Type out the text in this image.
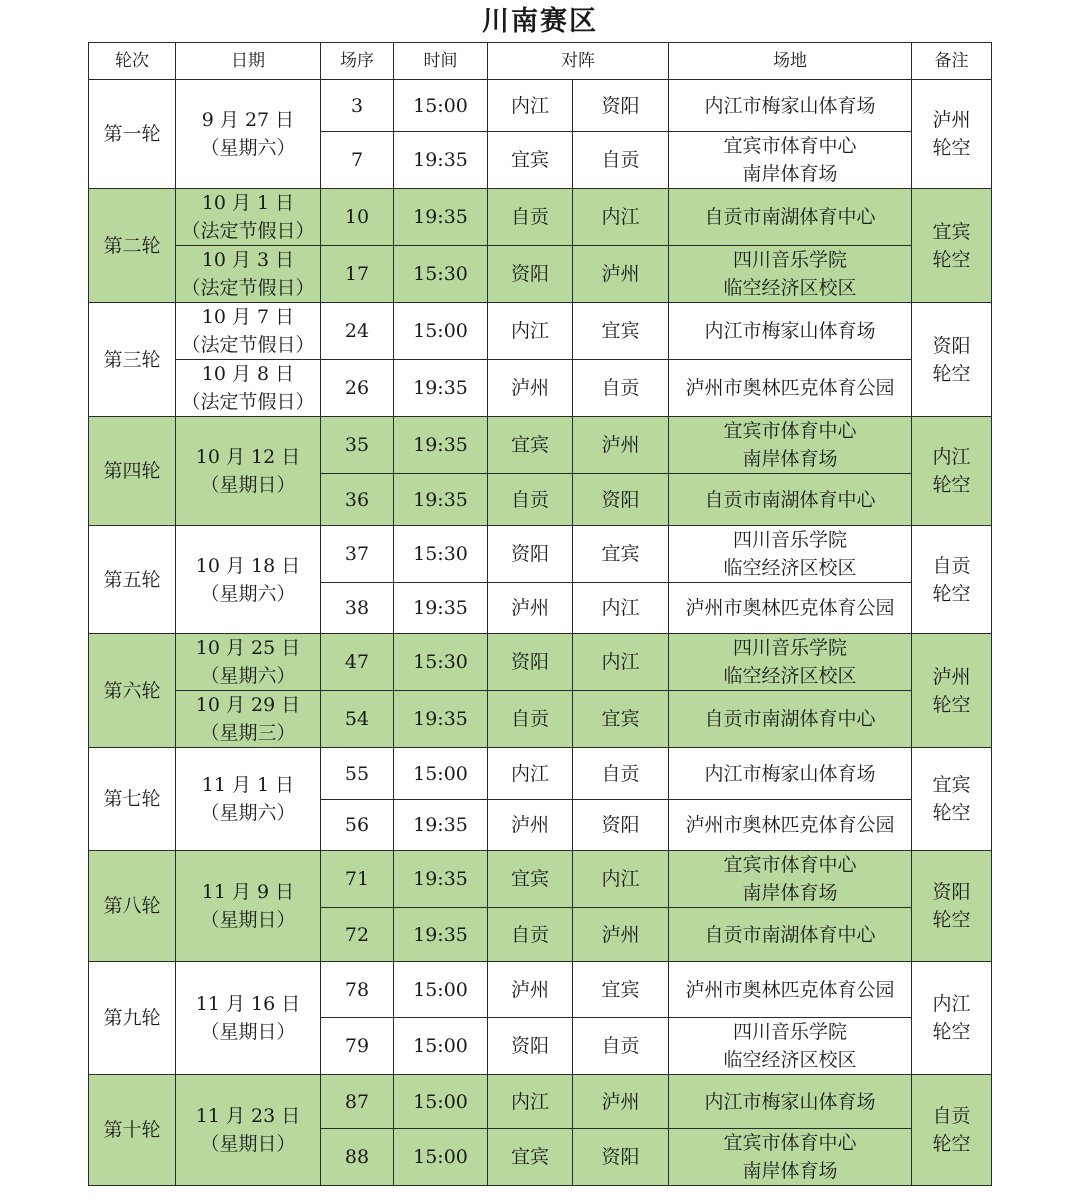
川南赛区
轮次	日期	场序	时间	对阵		场地	备注

第一轮	9 月 27 日
（星期六）	3	15:00	内江	资阳	内江市梅家山体育场	泸州
轮空

		7	19:35	宜宾	自贡	宜宾市体育中心
南岸体育场	

第二轮	10 月 1 日
（法定节假日）	10	19:35	自贡	内江	自贡市南湖体育中心	宜宾
轮空

	10 月 3 日
（法定节假日）	17	15:30	资阳	泸州	四川音乐学院
临空经济区校区	

第三轮	10 月 7 日
（法定节假日）	24	15:00	内江	宜宾	内江市梅家山体育场	资阳
轮空

	10 月 8 日
（法定节假日）	26	19:35	泸州	自贡	泸州市奥林匹克体育公园	

第四轮	10 月 12 日
（星期日）	35	19:35	宜宾	泸州	宜宾市体育中心
南岸体育场	内江
轮空

		36	19:35	自贡	资阳	自贡市南湖体育中心	

第五轮	10 月 18 日
（星期六）	37	15:30	资阳	宜宾	四川音乐学院
临空经济区校区	自贡
轮空

		38	19:35	泸州	内江	泸州市奥林匹克体育公园	

第六轮	10 月 25 日
（星期六）	47	15:30	资阳	内江	四川音乐学院
临空经济区校区	泸州
轮空

	10 月 29 日
（星期三）	54	19:35	自贡	宜宾	自贡市南湖体育中心	

第七轮	11 月 1 日
（星期六）	55	15:00	内江	自贡	内江市梅家山体育场	宜宾
轮空

		56	19:35	泸州	资阳	泸州市奥林匹克体育公园	

第八轮	11 月 9 日
（星期日）	71	19:35	宜宾	内江	宜宾市体育中心
南岸体育场	资阳
轮空

		72	19:35	自贡	泸州	自贡市南湖体育中心	

第九轮	11 月 16 日
（星期日）	78	15:00	泸州	宜宾	泸州市奥林匹克体育公园	内江
轮空

		79	15:00	资阳	自贡	四川音乐学院
临空经济区校区	

第十轮	11 月 23 日
（星期日）	87	15:00	内江	泸州	内江市梅家山体育场	自贡
轮空

		88	15:00	宜宾	资阳	宜宾市体育中心
南岸体育场	
